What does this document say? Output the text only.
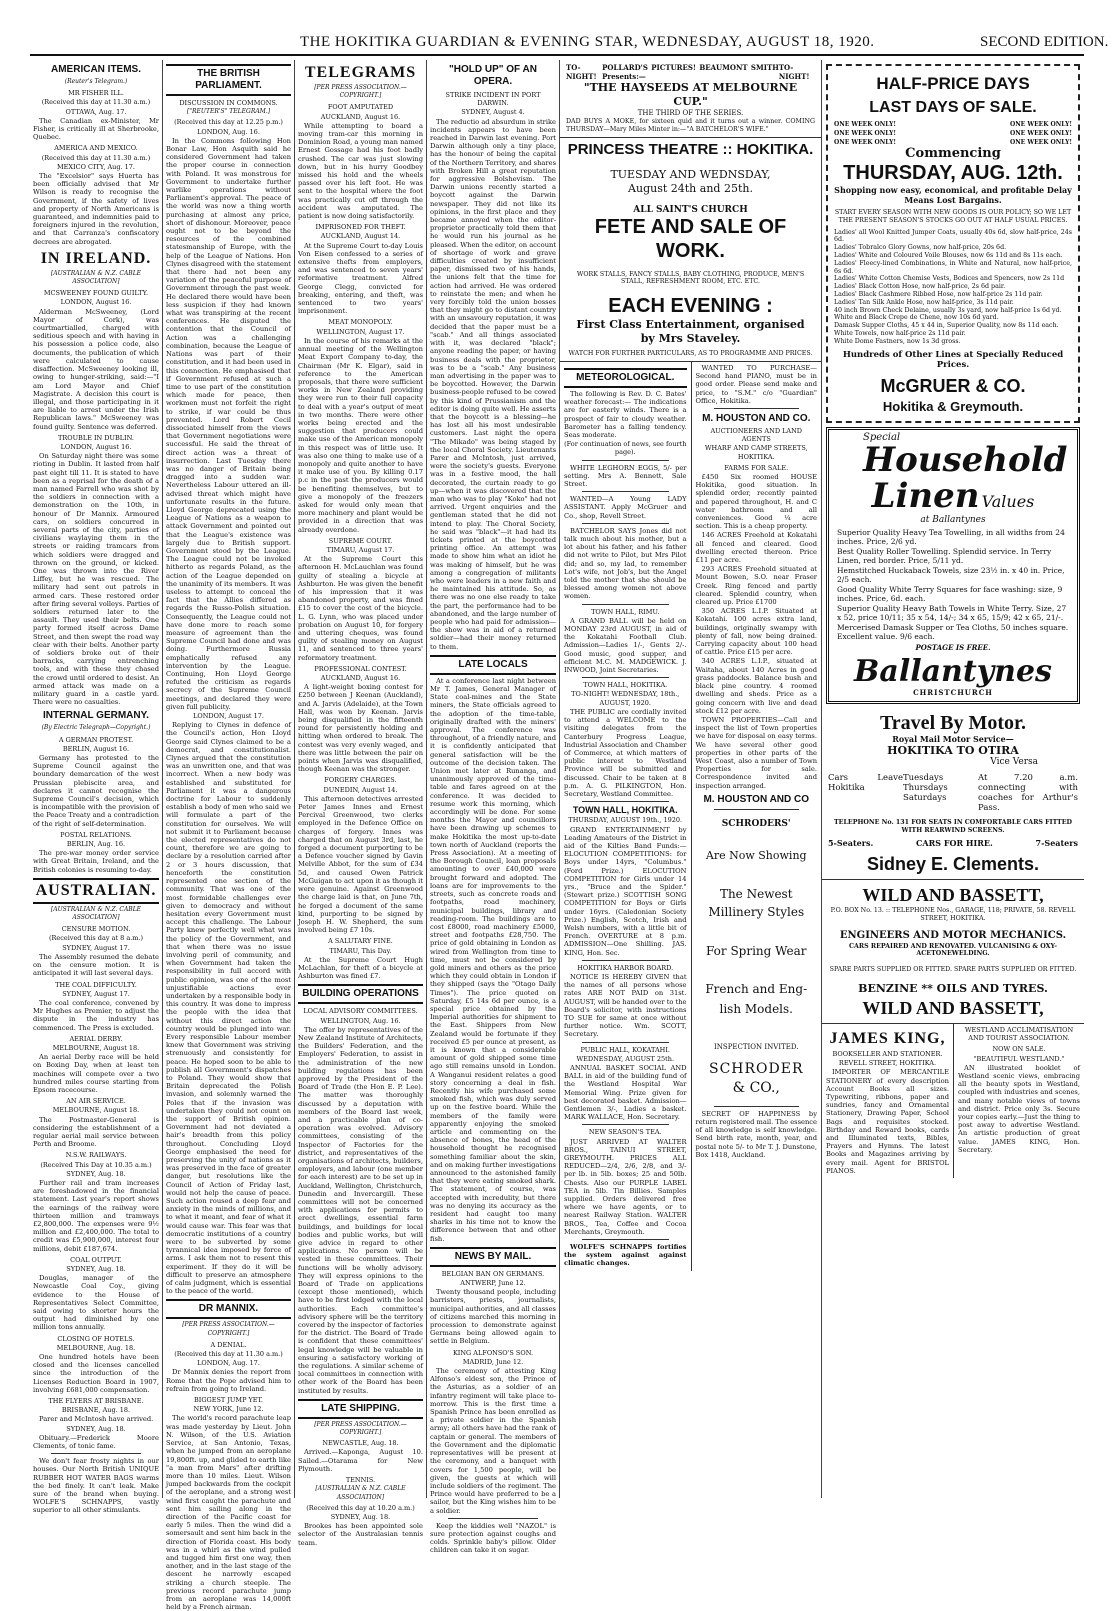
THE HOKITIKA GUARDIAN & EVENING STAR, WEDNESDAY, AUGUST 18, 1920.	SECOND EDITION.
AMERICAN ITEMS.
(Reuter's Telegram.)
MR FISHER ILL.
(Received this day at 11.30 a.m.)
OTTAWA, Aug. 17.

The Canadian ex-Minister, Mr Fisher, is critically ill at Sherbrooke, Quebec.

AMERICA AND MEXICO.
(Received this day at 11.30 a.m.)
MEXICO CITY, Aug. 17.

The "Excelsior" says Huerta has been officially advised that Mr Wilson is ready to recognise the Government, if the safety of lives and property of North Americans is guaranteed, and indemnities paid to foreigners injured in the revolution, and that Carranza's confiscatory decrees are abrogated.

IN IRELAND.
[AUSTRALIAN & N.Z. CABLE ASSOCIATION]
MCSWEENEY FOUND GUILTY.
LONDON, August 16.

Alderman McSweeney, (Lord Mayor of Cork), was courtmartialled, charged with seditious speech and with having in his possession a police code, also documents, the publication of which were calculated to cause disaffection. McSweeney looking ill, owing to hunger-striking, said:—"I am Lord Mayor and Chief Magistrate. A decision this court is illegal, and those participating in it are liable to arrest under the Irish Republican laws." McSweeney was found guilty. Sentence was deferred.

TROUBLE IN DUBLIN.
LONDON, August 16.

On Saturday night there was some rioting in Dublin. It lasted from half past eight till 11. It is stated to have been as a reprisal for the death of a man named Farrell who was shot by the soldiers in connection with a demonstration on the 10th, in honour of Dr Mannix. Armoured cars, on soldiers concurred in several parts of the city, parties of civilians waylaying them in the streets or raiding tramcars from which soldiers were dragged and thrown on the ground, or kicked. One was thrown into the River Liffey, but he was rescued. The military had sent out patrols in armed cars. These restored order after firing several volleys. Parties of soldiers returned later to the assault. They used their belts. One party formed itself across Dame Street, and then swept the road way clear with their belts. Another party of soldiers broke out of their barracks, carrying entrenching tools, and with these they chased the crowd until ordered to desist. An armed attack was made on a military guard in a castle yard. There were no casualties.

INTERNAL GERMANY.
(By Electric Telegraph—Copyright.)
A GERMAN PROTEST.
BERLIN, August 16.

Germany has protested to the Supreme Council against the boundary demarcation of the west Prussian plebiscite area, and declares it cannot recognise the Supreme Council's decision, which is incompatible with the provision of the Peace Treaty and a contradiction of the right of self-determination.

POSTAL RELATIONS.
BERLIN, Aug. 16.

The pre-war money order service with Great Britain, Ireland, and the British colonies is resuming to-day.

AUSTRALIAN.
[AUSTRALIAN & N.Z. CABLE ASSOCIATION]
CENSURE MOTION.
(Received this day at 8 a.m.)
SYDNEY, August 17.

The Assembly resumed the debate on the censure motion. It is anticipated it will last several days.

THE COAL DIFFICULTY.
SYDNEY, August 17.

The coal conference, convened by Mr Hughes as Premier, to adjust the dispute in the industry has commenced. The Press is excluded.

AERIAL DERBY.
MELBOURNE, August 18.

An aerial Derby race will be held on Boxing Day, when at least ten machines will compete over a two hundred miles course starting from Epsom racecourse.

AN AIR SERVICE.
MELBOURNE, August 18.

The Postmaster-General is considering the establishment of a regular aerial mail service between Perth and Broome.

N.S.W. RAILWAYS.
(Received This Day at 10.35 a.m.)
SYDNEY, Aug. 18.

Further rail and tram increases are foreshadowed in the financial statement. Last year's report shows the earnings of the railway were thirteen million and tramways £2,800,000. The expenses were 9½ million and £2,400,000. The total to credit was £5,900,000, interest four millions, debit £187,674.

COAL OUTPUT.
SYDNEY, Aug. 18.

Douglas, manager of the Newcastle Coal Coy., giving evidence to the House of Representatives Select Committee, said owing to shorter hours the output had diminished by one million tons annually.

CLOSING OF HOTELS.
MELBOURNE, Aug. 18.

One hundred hotels have been closed and the licenses cancelled since the introduction of the Licenses Reduction Board in 1907, involving £681,000 compensation.

THE FLYERS AT BRISBANE.
BRISBANE, Aug. 18.

Parer and McIntosh have arrived.

SYDNEY, Aug. 18.

Obituary.—Frederick Moore Clements, of tonic fame.

We don't fear frosty nights in our houses. Our North British UNIQUE RUBBER HOT WATER BAGS warms the bed finely. It can't leak. Make sure of the brand when buying. WOLFE'S SCHNAPPS, vastly superior to all other stimulants.

THE BRITISH PARLIAMENT.
DISCUSSION IN COMMONS.
["REUTER'S" TELEGRAM.]
(Received this day at 12.25 p.m.)
LONDON, Aug. 16.

In the Commons following Hon Bonar Law, Hon Asquith said he considered Government had taken the proper course in connection with Poland. It was monstrous for Government to undertake further warlike operations without Parliament's approval. The peace of the world was now a thing worth purchasing at almost any price, short of dishonour. Moreover, peace ought not to be beyond the resources of the combined statesmanship of Europe, with the help of the League of Nations. Hon Clynes disagreed with the statement that there had not been any variation of the peaceful purpose of Government through the past week. He declared there would have been less suspicion if they had known what was transpiring at the recent conferences. He disputed the contention that the Council of Action was a challenging combination, because the League of Nations was part of their constitution, and it had been used in this connection. He emphasised that if Government refused at such a time to use part of the constitution which made for peace, then workmen must not forfeit the right to strike, if war could be thus prevented. Lord Robert Cecil dissociated himself from the views that Government negotiations were successful. He said the threat of direct action was a threat of insurrection. Last Tuesday there was no danger of Britain being dragged into a sudden war. Nevertheless Labour uttered an ill-advised threat which might have unfortunate results in the future. Lloyd George deprecated using the League of Nations as a weapon to attack Government and pointed out that the League's existence was largely due to British support. Government stood by the League. The League could not be invoked hitherto as regards Poland, as the action of the League depended on the unanimity of its members. It was useless to attempt to conceal the fact that the Allies differed as regards the Russo-Polish situation. Consequently, the League could not have done more to reach some measure of agreement than the Supreme Council had done and was doing. Furthermore Russia emphatically refused any intervention by the League. Continuing, Hon Lloyd George refuted the criticism as regards secrecy of the Supreme Council meetings, and declared they were given full publicity.

LONDON, August 17.

Replying to Clynes in defence of the Council's action, Hon Lloyd George said Clynes claimed to be a democrat, and constitutionalist. Clynes argued that the constitution was an unwritten one, and that was incorrect. When a new body was established and substituted for Parliament it was a dangerous doctrine for Labour to suddenly establish a body of men who said we will formulate a part of the constitution for ourselves. We will not submit it to Parliament because the elected representatives do not count, therefore we are going to declare by a resolution carried after 2 or 3 hours discussion, that henceforth the constitution represented one section of the community. That was one of the most formidable challenges ever given to democracy and without hesitation every Government must accept this challenge. The Labour Party knew perfectly well what was the policy of the Government, and that when there was no issue involving peril of community, and when Government had taken the responsibility in full accord with public opinion, was one of the most unjustifiable actions ever undertaken by a responsible body in this country. It was done to impress the people with the idea that without this direct action the country would be plunged into war. Every responsible Labour member knew that Government was striving strenuously and consistently for peace. He hoped soon to be able to publish all Government's dispatches to Poland. They would show that Britain deprecated the Polish invasion, and solemnly warned the Poles that if the invasion was undertaken they could not count on the support of British opinion. Government had not deviated a hair's breadth from this policy throughout. Concluding Lloyd George emphasised the need for preserving the unity of nations as it was preserved in the face of greater danger, but resolutions like the Council of Action of Friday last, would not help the cause of peace. Such action roused a deep fear and anxiety in the minds of millions, and to what it meant, and fear of what it would cause war. This fear was that democratic institutions of a country were to be subverted by some tyrannical idea imposed by force of arms. I ask them not to resent this experiment. If they do it will be difficult to preserve an atmosphere of calm judgment, which is essential to the peace of the world.

DR MANNIX.
[PER PRESS ASSOCIATION.—COPYRIGHT.]
A DENIAL.
(Received this day at 11.30 a.m.)
LONDON, Aug. 17.

Dr Mannix denies the report from Rome that the Pope advised him to refrain from going to Ireland.

BIGGEST JUMP YET.
NEW YORK, June 12.

The world's record parachute leap was made yesterday by Lieut. John N. Wilson, of the U.S. Aviation Service, at San Antonio, Texas, when he jumped from an aeroplane 19,800ft. up, and glided to earth like "a man from Mars" after drifting more than 10 miles. Lieut. Wilson jumped backwards from the cockpit of the aeroplane, and a strong west wind first caught the parachute and sent him sailing along in the direction of the Pacific coast for early 5 miles. Then the wind did a somersault and sent him back in the direction of Florida coast. His body was in a whirl as the wind pulled and tugged him first one way, then another, and in the last stage of the descent he narrowly escaped striking a church steeple. The previous record parachute jump from an aeroplane was 14,000ft held by a French airman.

TELEGRAMS
[PER PRESS ASSOCIATION.—COPYRIGHT.]
FOOT AMPUTATED
AUCKLAND, August 16.

While attempting to board a moving tram-car this morning in Dominion Road, a young man named Ernest Gossage had his foot badly crushed. The car was just slowing down, but in his hurry Goodbey missed his hold and the wheels passed over his left foot. He was sent to the hospital where the foot was practically cut off through the accident was amputated. The patient is now doing satisfactorily.

IMPRISONED FOR THEFT.
AUCKLAND, August 14.

At the Supreme Court to-day Louis Von Eisen confessed to a series of extensive thefts from employers, and was sentenced to seven years' reformative treatment. Alfred George Clegg, convicted for breaking, entering, and theft, was sentenced to two years' imprisonment.

MEAT MONOPOLY.
WELLINGTON, August 17.

In the course of his remarks at the annual meeting of the Wellington Meat Export Company to-day, the Chairman (Mr K. Elgar), said in reference to the American proposals, that there were sufficient works in New Zealand providing they were run to their full capacity to deal with a year's output of meat in two months. There were other works being erected and the suggestion that producers could make use of the American monopoly in this respect was of little use. It was also one thing to make use of a monopoly and quite another to have it make use of you. By killing 0.17 p.c in the past the producers would be benefiting themselves, but to give a monopoly of the freezers asked for would only mean that more machinery and plant would be provided in a direction that was already overdone.

SUPREME COURT.
TIMARU, August 17.

At the Supreme Court this afternoon H. McLauchlan was found guilty of stealing a bicycle at Ashburton. He was given the benefit of his impression that it was abandoned property, and was fined £15 to cover the cost of the bicycle. L. G. Lynn, who was placed under probation on August 10, for forgery and uttering cheques, was found guilty of stealing money on August 11, and sentenced to three years' reformatory treatment.

PROFESSIONAL CONTEST.
AUCKLAND, August 16.

A light-weight boxing contest for £250 between J Keenan (Auckland), and A. Jarvis (Adelaide), at the Town Hall, was won by Keenan. Jarvis being disqualified in the fifteenth round for persistently holding and hitting when ordered to break. The contest was very evenly waged, and there was little between the pair on points when Jarvis was disqualified, though Keenan was the stronger.

FORGERY CHARGES.
DUNEDIN, August 14.

This afternoon detectives arrested Peter James Innes and Ernest Percival Greenwood, two clerks employed in the Defence Office on charges of forgery. Innes was charged that on August 3rd, last, he forged a document purporting to be a Defence voucher signed by Gavin Melville Abbot, for the sum of £34 5d, and caused Owen Patrick McGuigan to act upon it as though it were genuine. Against Greenwood the charge laid is that, on June 7th, he forged a document of the same kind, purporting to be signed by Joseph H. W. Shepherd, the sum involved being £7 10s.

A SALUTARY FINE.
TIMARU, This Day.

At the Supreme Court Hugh McLachlan, for theft of a bicycle at Ashburton was fined £7.

BUILDING OPERATIONS
LOCAL ADVISORY COMMITTEES.
WELLINGTON, Aug. 16.

The offer by representatives of the New Zealand Institute of Architects, the Builders' Federation, and the Employers' Federation, to assist in the administration of the new building regulations has been approved by the President of the Board of Trade (the Hon E. P. Lee). The matter was thoroughly discussed by a deputation with members of the Board last week, and a practicable plan of co-operation was evolved. Advisory committees, consisting of the Inspector of Factories for the district, and representatives of the organisations of architects, builders, employers, and labour (one member for each interest) are to be set up in Auckland, Wellington, Christchurch, Dunedin and Invercargill. These committees will not be concerned with applications for permits to erect dwellings, essential farm buildings, and buildings for local bodies and public works, but will give advice in regard to other applications. No person will be vested in these committees. Their functions will be wholly advisory. They will express opinions to the Board of Trade on applications (except those mentioned), which have to be first lodged with the local authorities. Each committee's advisory sphere will be the territory covered by the inspector of factories for the district. The Board of Trade is confident that these committees' legal knowledge will be valuable in ensuring a satisfactory working of the regulations. A similar scheme of local committees in connection with other work of the Board has been instituted by results.

LATE SHIPPING.
[PER PRESS ASSOCIATION.—COPYRIGHT.]
NEWCASTLE, Aug. 18.

Arrived.—Kaponga, August 10. Sailed.—Otarama for New Plymouth.

TENNIS.
[AUSTRALIAN & N.Z. CABLE ASSOCIATION]
(Received this day at 10.20 a.m.)
SYDNEY, Aug. 18.

Brookes has been appointed sole selector of the Australasian tennis team.

"HOLD UP" OF AN OPERA.
STRIKE INCIDENT IN PORT DARWIN.
SYDNEY, August 4.

The reductio ad absurdum in strike incidents appears to have been reached in Darwin last evening. Port Darwin although only a tiny place, has the honour of being the capital of the Northern Territory, and shares with Broken Hill a great reputation for aggressive Bolshevism. The Darwin unions recently started a boycott against the Darwin newspaper. They did not like its opinions, in the first place and they became annoyed when the editor-proprietor practically told them that he would run his journal as he pleased. When the editor, on account of shortage of work and grave difficulties created by insufficient paper, dismissed two of his hands, the unions felt that the time for action had arrived. He was ordered to reinstate the men; and when he very forcibly told the union bosses that they might go to distant country with an unsavoury reputation, it was decided that the paper must be a "scab." And all things associated with it, was declared "black"; anyone reading the paper, or having business deals with the proprietor, was to be a "scab." Any business man advertising in the paper was to be boycotted. However, the Darwin business-people refused to be cowed by this kind of Prussianism and the editor is doing quite well. He asserts that the boycott is a blessing—he has lost all his most undesirable customers. Last night the opera "The Mikado" was being staged by the local Choral Society. Lieutenants Parer and McIntosh, just arrived, were the society's guests. Everyone was in a festive mood, the hall decorated, the curtain ready to go up—when it was discovered that the man who was to play "Koko" had not arrived. Urgent enquiries and the gentleman stated that he did not intend to play. The Choral Society, he said was "black"—it had had its tickets printed at the boycotted printing office. An attempt was made to show him what an idiot he was making of himself, but he was among a congregation of militants who were leaders in a new faith and he maintained his attitude. So, as there was no one else ready to take the part, the performance had to be abandoned, and the large number of people who had paid for admission—the show was in aid of a returned soldier—had their money returned to them.

LATE LOCALS

At a conference last night between Mr T. James, General Manager of State coal-mines and the State miners, the State officials agreed to the adoption of the time-table, originally drafted with the miners' approval. The conference was throughout, of a friendly nature, and it is confidently anticipated that general satisfaction will be the outcome of the decision taken. The Union met later at Runanga, and unanimously approved of the time-table and fares agreed on at the conference. It was decided to resume work this morning, which accordingly will be done. For some months the Mayor and councillors have been drawing up schemes to make Hokitika the most up-to-date town north of Auckland (reports the Press Association). At a meeting of the Borough Council, loan proposals amounting to over £40,000 were brought forward and adopted. The loans are for improvements to the streets, such as concrete roads and footpaths, road machinery, municipal buildings, library and reading-room. The buildings are to cost £8000, road machinery £5000, street and footpaths £28,750. The price of gold obtaining in London as wired from Wellington from time to time, must not be considered by gold miners and others as the price which they could obtain in London if they shipped (says the "Otago Daily Times"). The price quoted on Saturday, £5 14s 6d per ounce, is a special price obtained by the Imperial authorities for shipment to the East. Shippers from New Zealand would be fortunate if they received £5 per ounce at present, as it is known that a considerable amount of gold shipped some time ago still remains unsold in London. A Wanganui resident relates a good story concerning a deal in fish. Recently his wife purchased some smoked fish, which was duly served up on the festive board. While the members of the family were apparently enjoying the smoked article and commenting on the absence of bones, the head of the household thought he recognised something familiar about the skin, and on making further investigations announced to the astonished family that they were eating smoked shark. The statement, of course, was accepted with incredulity, but there was no denying its accuracy as the resident had caught too many sharks in his time not to know the difference between that and other fish.

NEWS BY MAIL.
BELGIAN BAN ON GERMANS.
ANTWERP, June 12.

Twenty thousand people, including barristers, priests, journalists, municipal authorities, and all classes of citizens marched this morning in procession to demonstrate against Germans being allowed again to settle in Belgium.

KING ALFONSO'S SON.
MADRID, June 12.

The ceremony of attesting King Alfonso's eldest son, the Prince of the Asturias, as a soldier of an infantry regiment will take place to-morrow. This is the first time a Spanish Prince has been enrolled as a private soldier in the Spanish army; all others have had the rank of captain or general. The members of the Government and the diplomatic representatives will be present at the ceremony, and a banquet with covers for 1,500 people, will be given, the guests at which will include soldiers of the regiment. The Prince would have preferred to be a sailor, but the King wishes him to be a soldier.

Keep the kiddies well "NAZOL" is sure protection against coughs and colds. Sprinkle baby's pillow. Older children can take it on sugar.

TO-NIGHT!
POLLARD'S PICTURES! BEAUMONT SMITH Presents:—
TO-NIGHT!
"THE HAYSEEDS AT MELBOURNE CUP."
THE THIRD OF THE SERIES.
DAD BUYS A MOKE, for sixteen quid and it turns out a winner. COMING THURSDAY—Mary Miles Minter in:—"A BATCHELOR'S WIFE."
PRINCESS THEATRE :: HOKITIKA.
TUESDAY AND WEDNSDAY,
August 24th and 25th.
ALL SAINT'S CHURCH
FETE AND SALE OF WORK.
WORK STALLS, FANCY STALLS, BABY CLOTHING, PRODUCE, MEN'S STALL, REFRESHMENT ROOM, ETC. ETC.
EACH EVENING :
First Class Entertainment, organised
by Mrs Staveley.
WATCH FOR FURTHER PARTICULARS, AS TO PROGRAMME AND PRICES.
METEOROLOGICAL.

The following is Rev. D. C. Bates' weather forecast:— The indications are for easterly winds. There is a prospect of fair to cloudy weather. Barometer has a falling tendency. Seas moderate.

(For continuation of news, see fourth page).

WHITE LEGHORN EGGS, 5/- per setting. Mrs A. Bennett, Sale Street.

WANTED—A Young LADY ASSISTANT. Apply McGruer and Co., shop, Revell Street.

BATCHELOR SAYS Jones did not talk much about his mother, but a lot about his father, and his father did not write to Pilot, but Mrs Pilot did; and so, my lad, to remember Lot's wife, not Job's, but the Angel told the mother that she should be blessed among women not above women.

TOWN HALL, RIMU.

A GRAND BALL will be held on MONDAY 23rd AUGUST, in aid of the Kokatahi Football Club. Admission—Ladies 1/-, Gents 2/-. Good music, good supper, and efficient M.C. M. MADGEWICK. J. INWOOD, Joint Secretaries.

TOWN HALL, HOKITIKA.
TO-NIGHT! WEDNESDAY, 18th., AUGUST, 1920.

THE PUBLIC are cordially invited to attend a WELCOME to the visiting delegates from the Canterbury Progress League, Industrial Association and Chamber of Commerce, at which matters of public interest to Westland Province will be submitted and discussed. Chair to be taken at 8 p.m. A. G. PILKINGTON, Hon. Secretary, Westland Committee.

TOWN HALL, HOKITIKA.
THURSDAY, AUGUST 19th., 1920.

GRAND ENTERTAINMENT by Leading Amateurs of the District in aid of the Kilties Band Funds:— ELOCUTION COMPETITIONS: for Boys under 14yrs, "Columbus." (Ford Prize.) ELOCUTION COMPETITION for Girls under 14 yrs., "Bruce and the Spider." (Stewart prize.) SCOTTISH SONG COMPETITION for Boys or Girls under 16yrs. (Caledonian Society Prize.) English, Scotch, Irish and Welsh numbers, with a little bit of French. OVERTURE at 8 p.m. ADMISSION—One Shilling. JAS. KING, Hon. Sec.

HOKITIKA HARBOR BOARD.

NOTICE IS HEREBY GIVEN that the names of all persons whose rates ARE NOT PAID on 31st. AUGUST, will be handed over to the Board's solicitor, with instructions TO SUE for same at once without further notice. Wm. SCOTT, Secretary.

PUBLIC HALL, KOKATAHI.
WEDNESDAY, AUGUST 25th.

ANNUAL BASKET SOCIAL AND BALL in aid of the building fund of the Westland Hospital War Memorial Wing. Prize given for best decorated basket. Admission—Gentlemen 3/-, Ladies a basket. MARK WALLACE, Hon. Secretary.

NEW SEASON'S TEA.

JUST ARRIVED AT WALTER BROS., TAINUI STREET, GREYMOUTH. PRICES ALL REDUCED—2/4, 2/6, 2/8, and 3/- per lb. in 5lb. boxes; 25 and 50lb. Chests. Also our PURPLE LABEL TEA in 5lb. Tin Billies. Samples supplied. Orders delivered free where we have agents, or to nearest Railway Station. WALTER BROS., Tea, Coffee and Cocoa Merchants, Greymouth.

WOLFE'S SCHNAPPS fortifies the system against against climatic changes.

WANTED TO PURCHASE—Second hand PIANO, must be in good order. Please send make and price, to "S.M." c/o "Guardian" Office, Hokitika.

M. HOUSTON AND CO.
AUCTIONEERS AND LAND AGENTS
WHARF AND CAMP STREETS, HOKITIKA.
FARMS FOR SALE.

£450 Six roomed HOUSE Hokitika, good situation. In splendid order, recently painted and papered throughout, H. and C water bathroom and all conveniences. Good ¼ acre section. This is a cheap property.

146 ACRES Freehold at Kokatahi all fenced and cleared. Good dwelling erected thereon. Price £11 per acre.

293 ACRES Freehold situated at Mount Bowen, S.O. near Fraser Creek. Ring fenced and partly cleared. Splendid country, when cleared up. Price £1700

350 ACRES L.I.P. Situated at Kokatahi. 100 acres extra land, buildings, originally swampy with plenty of fall, now being drained. Carrying capacity about 100 head of cattle. Price £15 per acre.

340 ACRES L.I.P., situated at Waitaha, about 140 Acres in good grass paddocks. Balance bush and black pine country. 4 roomed dwelling and sheds. Price as a going concern with live and dead stock £12 per acre.

TOWN PROPERTIES—Call and inspect the list of Town properties we have for disposal on easy terms. We have several other good properties in other parts of the West Coast, also a number of Town Properties for sale. Correspondence invited and inspection arranged.

M. HOUSTON AND CO
SCHRODERS'
Are Now Showing
The Newest
Millinery Styles
For Spring Wear
French and Eng-
lish Models.
INSPECTION INVITED.
SCHRODER
& CO.,

SECRET OF HAPPINESS by return registered mail. The essence of all knowledge is self knowledge. Send birth rate, month, year, and postal note 5/- to Mr T. J. Dunstone, Box 1418, Auckland.

HALF-PRICE DAYS
LAST DAYS OF SALE.
ONE WEEK ONLY!	ONE WEEK ONLY!
ONE WEEK ONLY!	ONE WEEK ONLY!
ONE WEEK ONLY!	ONE WEEK ONLY!
Commencing
THURSDAY, AUG. 12th.
Shopping now easy, economical, and profitable Delay Means Lost Bargains.
START EVERY SEASON WITH NEW GOODS IS OUR POLICY; SO WE LET THE PRESENT SEASON'S STOCKS GO OUT AT HALF USUAL PRICES.
Ladies' all Wool Knitted Jumper Coats, usually 40s 6d, slow half-price, 24s 6d.
Ladies' Tobralco Glory Gowns, now half-price, 20s 6d.
Ladies' White and Coloured Voile Blouses, now 6s 11d and 8s 11s each.
Ladies' Fleecy-lined Combinations, in White and Natural, now half-price, 6s 6d.
Ladies' White Cotton Chemise Vests, Bodices and Spencers, now 2s 11d
Ladies' Black Cotton Hose, now half-price, 2s 6d pair.
Ladies' Black Cashmere Ribbed Hose, now half-price 2s 11d pair.
Ladies' Tan Silk Ankle Hose, now half-price, 3s 11d pair.
40 inch Brown Check Delaine, usually 3s yard, now half-price 1s 6d yd.
White and Black Crepe de Chene, now 10s 6d yard.
Damask Supper Cloths, 45 x 44 in, Superior Quality, now 8s 11d each.
White Towels, now half-price 2s 11d pair.
White Dome Fastners, now 1s 3d gross.
Hundreds of Other Lines at Specially Reduced Prices.
McGRUER & CO.
Hokitika & Greymouth.
Special Household
Linen Values
at Ballantynes
Superior Quality Heavy Tea Towelling, in all widths from 24 inches. Price, 2/6 yd.
Best Quality Roller Towelling. Splendid service. In Terry Linen, red border. Price, 5/11 yd.
Hemstitched Huckaback Towels, size 23½ in. x 40 in. Price, 2/5 each.
Good Quality White Terry Squares for face washing: size, 9 inches. Price, 6d. each.
Superior Quality Heavy Bath Towels in White Terry. Size, 27 x 52, price 10/11; 35 x 54, 14/-; 34 x 65, 15/9; 42 x 65, 21/-.
Mercerised Damask Supper or Tea Cloths, 50 inches square. Excellent value. 9/6 each.
POSTAGE IS FREE.
Ballantynes
CHRISTCHURCH
Travel By Motor.
Royal Mail Motor Service—
HOKITIKA TO OTIRA
Vice Versa
Cars Leave Hokitika
Tuesdays Thursdays Saturdays
At 7.20 a.m. connecting with coaches for Arthur's Pass.
TELEPHONE No. 131 FOR SEATS IN COMFORTABLE CARS FITTED WITH REARWIND SCREENS.
5-Seaters.	CARS FOR HIRE.	7-Seaters
Sidney E. Clements.
WILD AND BASSETT,
P.O. BOX No. 13. :: TELEPHONE Nos., GARAGE, 118; PRIVATE, 58. REVELL STREET, HOKITIKA.
ENGINEERS AND MOTOR MECHANICS.
CARS REPAIRED AND RENOVATED. VULCANISING & OXY-ACETONEWELDING.
SPARE PARTS SUPPLIED OR FITTED. SPARE PARTS SUPPLIED OR FITTED.
BENZINE ** OILS AND TYRES.
WILD AND BASSETT,
JAMES KING,
BOOKSELLER AND STATIONER.
REVELL STREET, HOKITIKA.

IMPORTER OF MERCANTILE STATIONERY of every description Account Books all sizes. Typewriting, ribbons, paper and sundries, fancy and Ornamental Stationery, Drawing Paper, School Bags and requisites stocked. Birthday and Reward books, cards and Illuminated texts, Bibles, Prayers and Hymns. The latest Books and Magazines arriving by every mail. Agent for BRISTOL PIANOS.

WESTLAND ACCLIMATISATION AND TOURIST ASSOCIATION.
NOW ON SALE.
"BEAUTIFUL WESTLAND."

AN illustrated booklet of Westland scenic views, embracing all the beauty spots in Westland, coupled with industries and scenes, and many notable views of towns and district. Price only 3s. Secure your copies early.—Just the thing to post away to advertise Westland. An artistic production of great value. JAMES KING, Hon. Secretary.
